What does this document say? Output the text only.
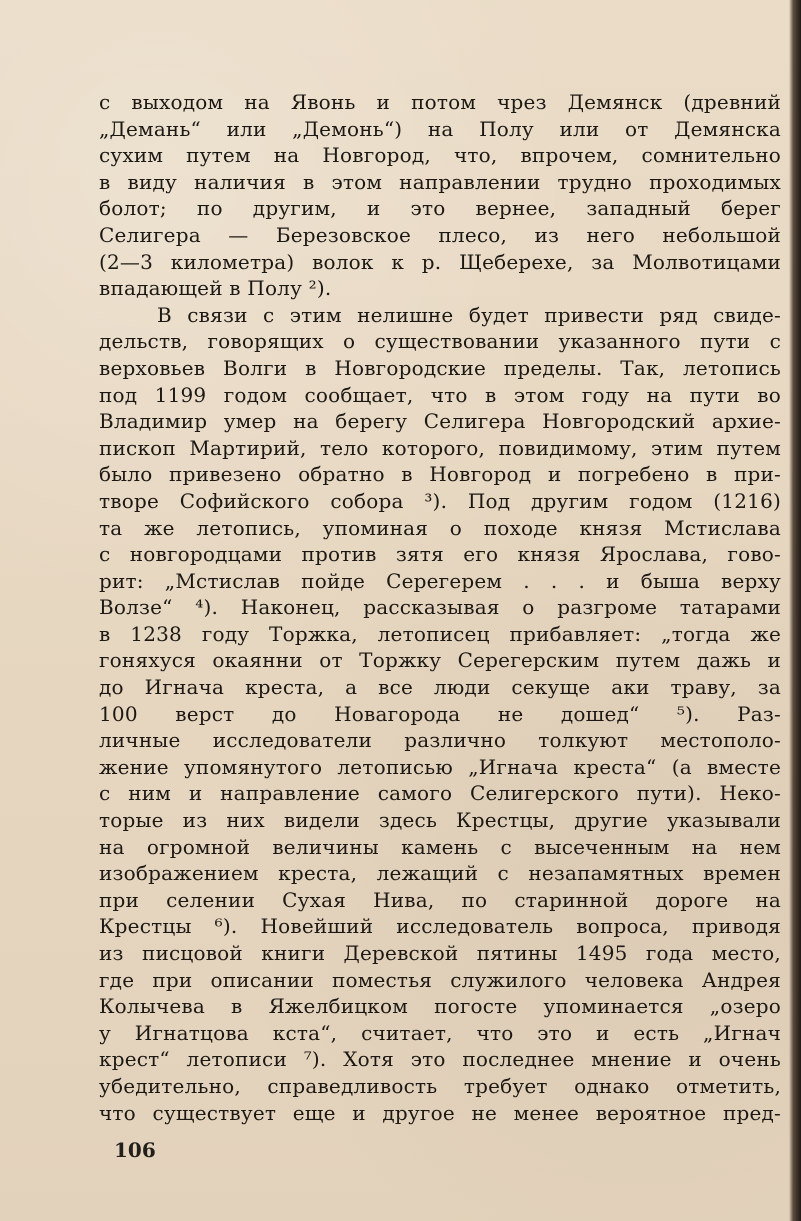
с выходом на Явонь и потом чрез Демянск (древний
„Демань“ или „Демонь“) на Полу или от Демянска
сухим путем на Новгород, что, впрочем, сомнительно
в виду наличия в этом направлении трудно проходимых
болот; по другим, и это вернее, западный берег
Селигера — Березовское плесо, из него небольшой
(2—3 километра) волок к р. Щеберехе, за Молвотицами
впадающей в Полу ²).
В связи с этим нелишне будет привести ряд свиде-
дельств, говорящих о существовании указанного пути с
верховьев Волги в Новгородские пределы. Так, летопись
под 1199 годом сообщает, что в этом году на пути во
Владимир умер на берегу Селигера Новгородский архие-
пископ Мартирий, тело которого, повидимому, этим путем
было привезено обратно в Новгород и погребено в при-
творе Софийского собора ³). Под другим годом (1216)
та же летопись, упоминая о походе князя Мстислава
с новгородцами против зятя его князя Ярослава, гово-
рит: „Мстислав пойде Серегерем . . . и быша верху
Волзе“ ⁴). Наконец, рассказывая о разгроме татарами
в 1238 году Торжка, летописец прибавляет: „тогда же
гоняхуся окаянни от Торжку Серегерским путем дажь и
до Игнача креста, а все люди секуще аки траву, за
100 верст до Новагорода не дошед“ ⁵). Раз-
личные исследователи различно толкуют местополо-
жение упомянутого летописью „Игнача креста“ (а вместе
с ним и направление самого Селигерского пути). Неко-
торые из них видели здесь Крестцы, другие указывали
на огромной величины камень с высеченным на нем
изображением креста, лежащий с незапамятных времен
при селении Сухая Нива, по старинной дороге на
Крестцы ⁶). Новейший исследователь вопроса, приводя
из писцовой книги Деревской пятины 1495 года место,
где при описании поместья служилого человека Андрея
Колычева в Яжелбицком погосте упоминается „озеро
у Игнатцова кста“, считает, что это и есть „Игнач
крест“ летописи ⁷). Хотя это последнее мнение и очень
убедительно, справедливость требует однако отметить,
что существует еще и другое не менее вероятное пред-
106
